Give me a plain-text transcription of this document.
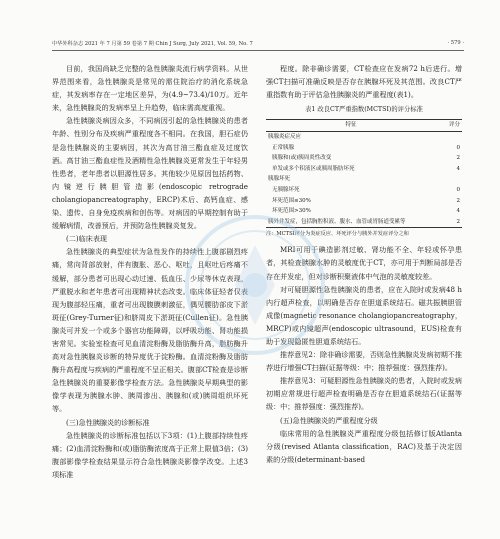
中华外科杂志 2021 年 7 月第 59 卷第 7 期 Chin J Surg, July 2021, Vol. 59, No. 7	· 579 ·

目前，我国尚缺乏完整的急性胰腺炎流行病学资料。从世界范围来看，急性胰腺炎是常见的需住院治疗的消化系统急症，其发病率存在一定地区差异，为(4.9~73.4)/10万。近年来，急性胰腺炎的发病率呈上升趋势，临床需高度重视。

急性胰腺炎病因众多，不同病因引起的急性胰腺炎的患者年龄、性别分布及疾病严重程度各不相同。在我国，胆石症仍是急性胰腺炎的主要病因，其次为高甘油三酯血症及过度饮酒。高甘油三酯血症性及酒精性急性胰腺炎更常发生于年轻男性患者，老年患者以胆源性居多。其他较少见原因包括药物、内镜逆行胰胆管造影(endoscopic retrograde cholangiopancreatography，ERCP)术后、高钙血症、感染、遗传、自身免疫疾病和创伤等。对病因的早期控制有助于缓解病情，改善预后，并预防急性胰腺炎复发。

(二)临床表现

急性胰腺炎的典型症状为急性发作的持续性上腹部剧烈疼痛，常向背部放射，伴有腹胀、恶心、呕吐，且呕吐后疼痛不缓解，部分患者可出现心动过速、低血压、少尿等休克表现，严重脱水和老年患者可出现精神状态改变。临床体征轻者仅表现为腹部轻压痛，重者可出现腹膜刺激征，偶见腰肋部皮下淤斑征(Grey-Turner征)和脐周皮下淤斑征(Cullen征)。急性胰腺炎可并发一个或多个器官功能障碍，以呼吸功能、肾功能损害常见。实验室检查可见血清淀粉酶及脂肪酶升高，脂肪酶升高对急性胰腺炎诊断的特异度优于淀粉酶。血清淀粉酶及脂肪酶升高程度与疾病的严重程度不呈正相关。腹部CT检查是诊断急性胰腺炎的重要影像学检查方法。急性胰腺炎早期典型的影像学表现为胰腺水肿、胰周渗出、胰腺和(或)胰周组织坏死等。

(三)急性胰腺炎的诊断标准

急性胰腺炎的诊断标准包括以下3项：(1)上腹部持续性疼痛；(2)血清淀粉酶和(或)脂肪酶浓度高于正常上限值3倍；(3)腹部影像学检查结果显示符合急性胰腺炎影像学改变。上述3项标准

程度。除非确诊需要，CT检查应在发病72 h后进行。增强CT扫描可准确反映是否存在胰腺坏死及其范围。改良CT严重指数有助于评估急性胰腺炎的严重程度(表1)。

表1 改良CT严重指数(MCTSI)的评分标准
特征	评分
胰腺炎症反应	
正常胰腺	0
胰腺和(或)胰周炎性改变	2
单发或多个积液区或胰周脂肪坏死	4
胰腺坏死	
无胰腺坏死	0
坏死范围≤30%	2
坏死范围>30%	4
胰外并发症，包括胸腔积液、腹水、血管或胃肠道受累等	2
注：MCTSI评分为炎症反应、坏死评分与胰外并发症评分之和

MRI可用于碘造影剂过敏、肾功能不全、年轻或怀孕患者，其检查胰腺水肿的灵敏度优于CT，亦可用于判断局部是否存在并发症，但对诊断积聚液体中气泡的灵敏度较差。

对可疑胆源性急性胰腺炎的患者，应在入院时或发病48 h内行超声检查，以明确是否存在胆道系统结石。磁共振胰胆管成像(magnetic resonance cholangiopancreatography，MRCP)或内镜超声(endoscopic ultrasound，EUS)检查有助于发现隐匿性胆道系统结石。

推荐意见2：除非确诊需要，否则急性胰腺炎发病初期不推荐进行增强CT扫描(证据等级：中；推荐强度：强烈推荐)。

推荐意见3：可疑胆源性急性胰腺炎的患者，入院时或发病初期应常规进行超声检查明确是否存在胆道系统结石(证据等级：中；推荐强度：强烈推荐)。

(五)急性胰腺炎的严重程度分级

临床常用的急性胰腺炎严重程度分级包括修订版Atlanta分级(revised Atlanta classification，RAC)及基于决定因素的分级(determinant-based
